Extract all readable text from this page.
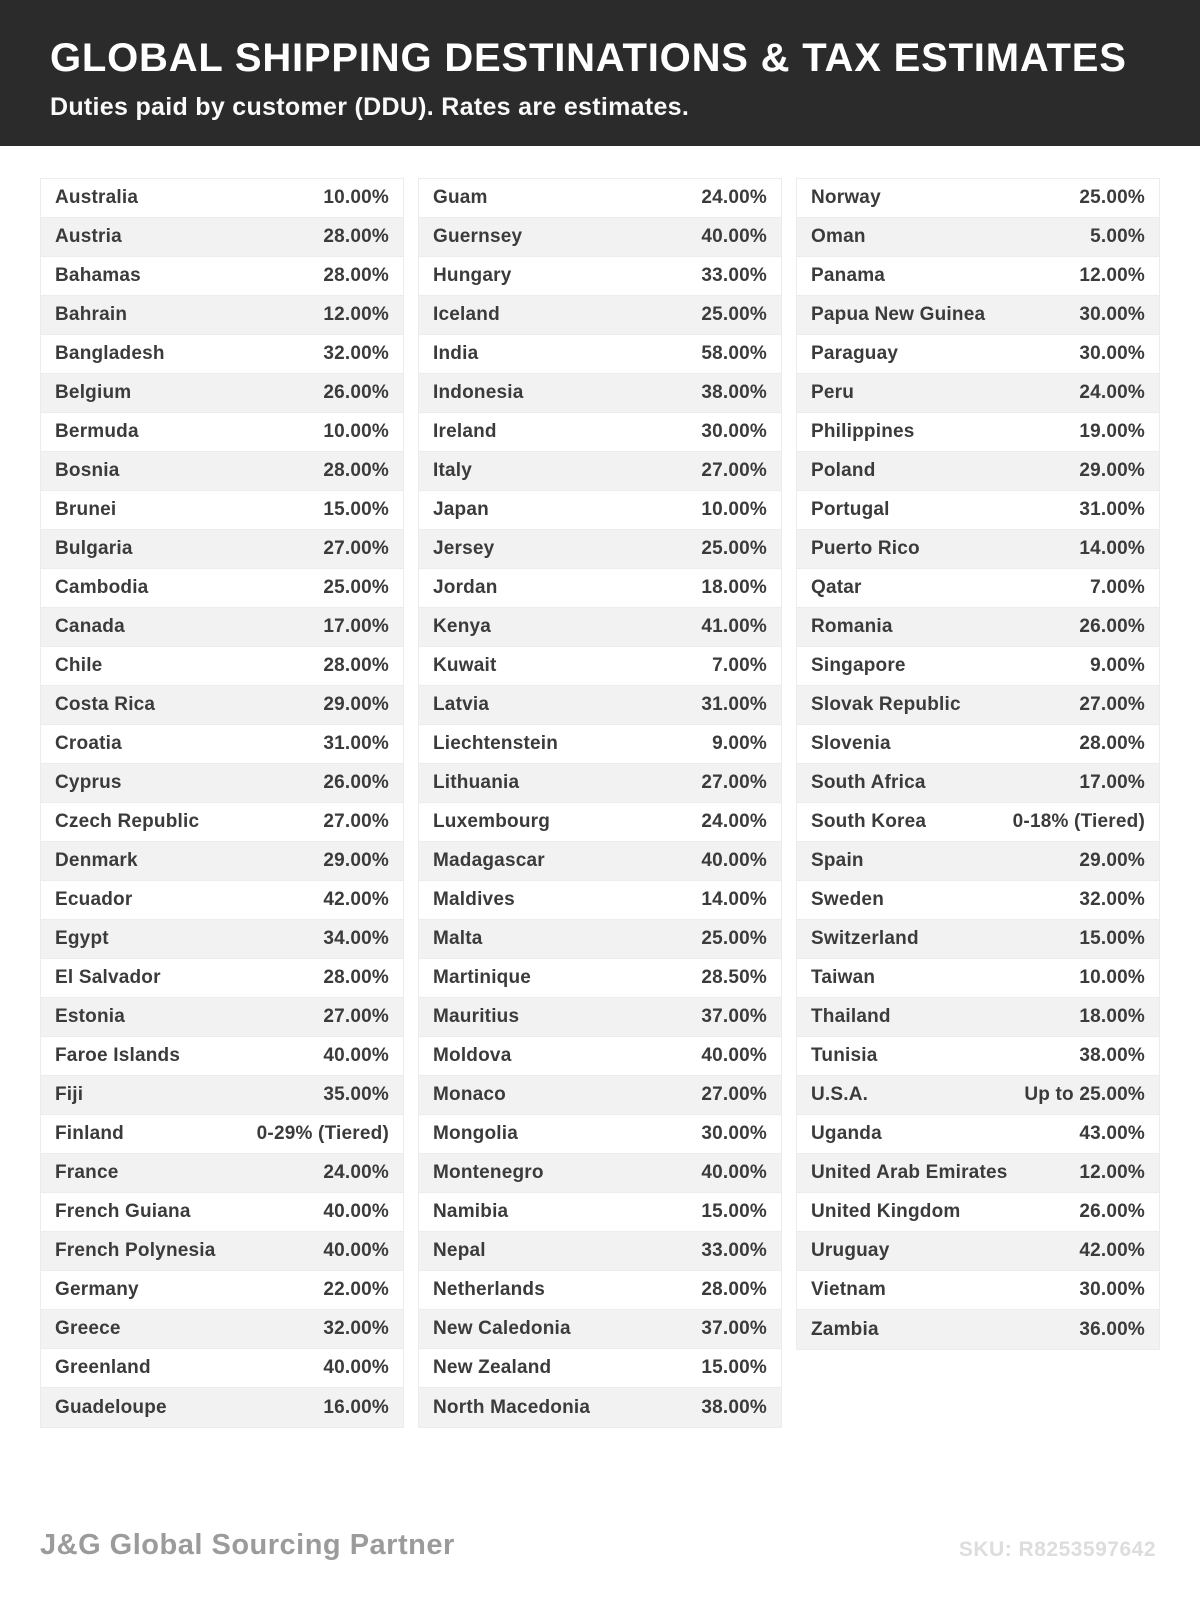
GLOBAL SHIPPING DESTINATIONS & TAX ESTIMATES
Duties paid by customer (DDU). Rates are estimates.
Australia	10.00%
Austria	28.00%
Bahamas	28.00%
Bahrain	12.00%
Bangladesh	32.00%
Belgium	26.00%
Bermuda	10.00%
Bosnia	28.00%
Brunei	15.00%
Bulgaria	27.00%
Cambodia	25.00%
Canada	17.00%
Chile	28.00%
Costa Rica	29.00%
Croatia	31.00%
Cyprus	26.00%
Czech Republic	27.00%
Denmark	29.00%
Ecuador	42.00%
Egypt	34.00%
El Salvador	28.00%
Estonia	27.00%
Faroe Islands	40.00%
Fiji	35.00%
Finland	0-29% (Tiered)
France	24.00%
French Guiana	40.00%
French Polynesia	40.00%
Germany	22.00%
Greece	32.00%
Greenland	40.00%
Guadeloupe	16.00%
Guam	24.00%
Guernsey	40.00%
Hungary	33.00%
Iceland	25.00%
India	58.00%
Indonesia	38.00%
Ireland	30.00%
Italy	27.00%
Japan	10.00%
Jersey	25.00%
Jordan	18.00%
Kenya	41.00%
Kuwait	7.00%
Latvia	31.00%
Liechtenstein	9.00%
Lithuania	27.00%
Luxembourg	24.00%
Madagascar	40.00%
Maldives	14.00%
Malta	25.00%
Martinique	28.50%
Mauritius	37.00%
Moldova	40.00%
Monaco	27.00%
Mongolia	30.00%
Montenegro	40.00%
Namibia	15.00%
Nepal	33.00%
Netherlands	28.00%
New Caledonia	37.00%
New Zealand	15.00%
North Macedonia	38.00%
Norway	25.00%
Oman	5.00%
Panama	12.00%
Papua New Guinea	30.00%
Paraguay	30.00%
Peru	24.00%
Philippines	19.00%
Poland	29.00%
Portugal	31.00%
Puerto Rico	14.00%
Qatar	7.00%
Romania	26.00%
Singapore	9.00%
Slovak Republic	27.00%
Slovenia	28.00%
South Africa	17.00%
South Korea	0-18% (Tiered)
Spain	29.00%
Sweden	32.00%
Switzerland	15.00%
Taiwan	10.00%
Thailand	18.00%
Tunisia	38.00%
U.S.A.	Up to 25.00%
Uganda	43.00%
United Arab Emirates	12.00%
United Kingdom	26.00%
Uruguay	42.00%
Vietnam	30.00%
Zambia	36.00%
J&G Global Sourcing Partner	SKU: R8253597642
